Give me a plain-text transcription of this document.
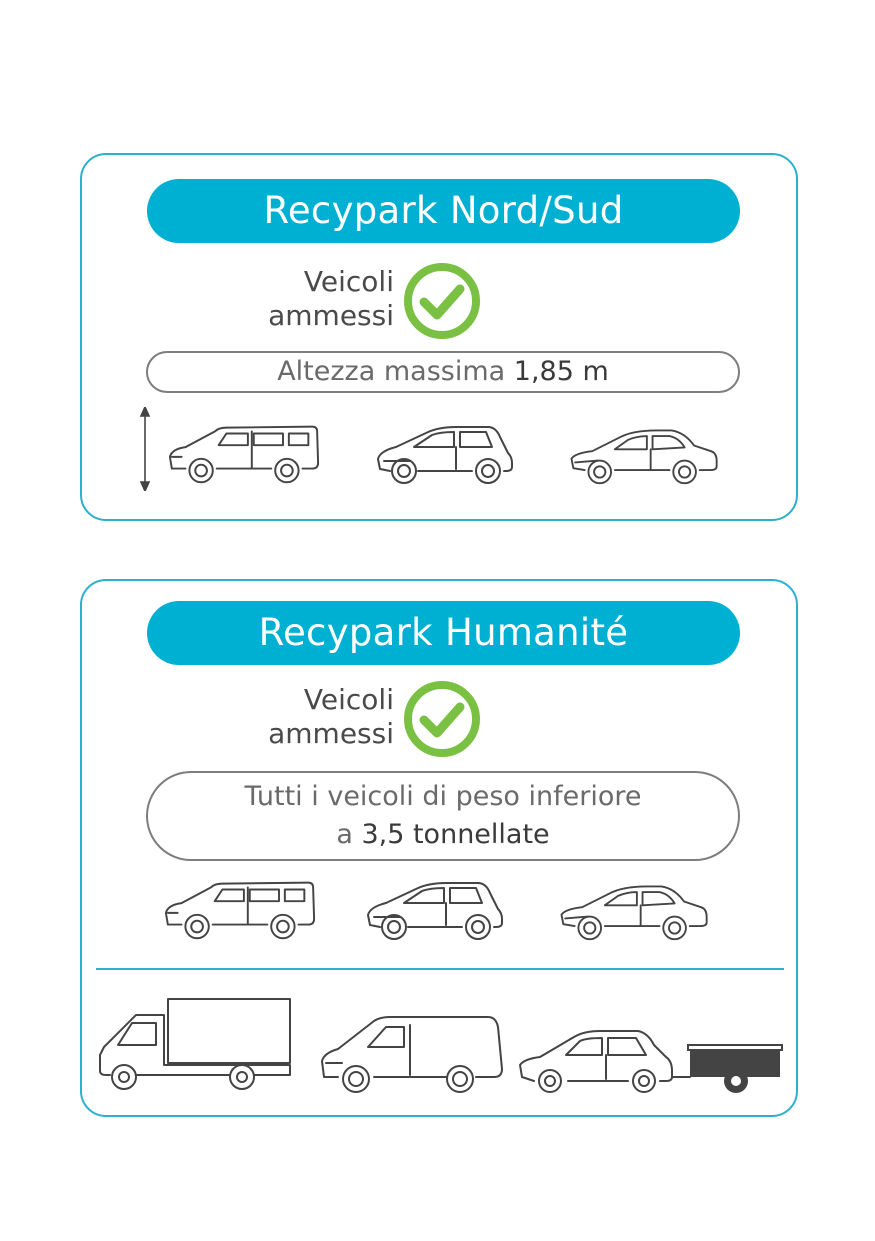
Recypark Nord/Sud
Veicoli
ammessi
Altezza massima 1,85 m
Recypark Humanité
Veicoli
ammessi
Tutti i veicoli di peso inferiore
a 3,5 tonnellate
